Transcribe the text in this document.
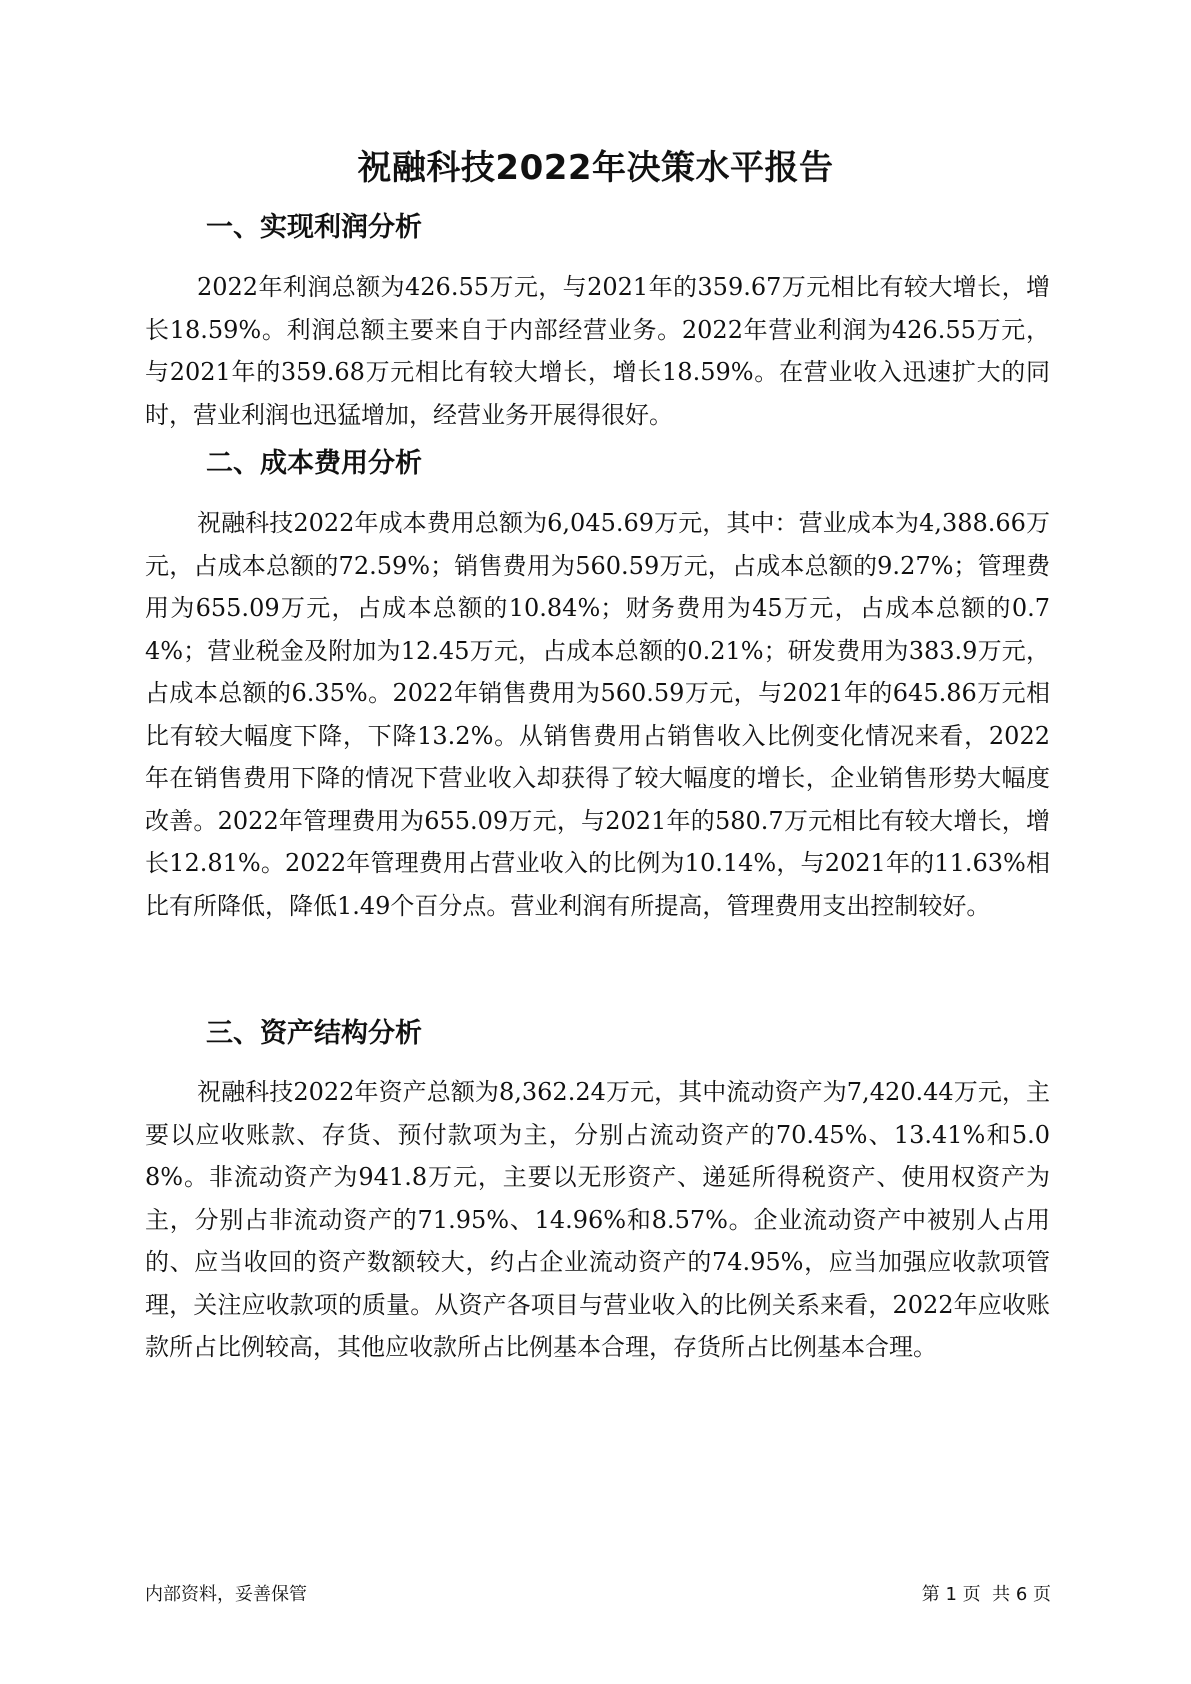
祝融科技2022年决策水平报告
一、实现利润分析

2022年利润总额为426.55万元，与2021年的359.67万元相比有较大增长，增长18.59%。利润总额主要来自于内部经营业务。2022年营业利润为426.55万元，与2021年的359.68万元相比有较大增长，增长18.59%。在营业收入迅速扩大的同时，营业利润也迅猛增加，经营业务开展得很好。

二、成本费用分析

祝融科技2022年成本费用总额为6,045.69万元，其中：营业成本为4,388.66万元，占成本总额的72.59%；销售费用为560.59万元，占成本总额的9.27%；管理费用为655.09万元，占成本总额的10.84%；财务费用为45万元，占成本总额的0.74%；营业税金及附加为12.45万元，占成本总额的0.21%；研发费用为383.9万元，占成本总额的6.35%。2022年销售费用为560.59万元，与2021年的645.86万元相比有较大幅度下降，下降13.2%。从销售费用占销售收入比例变化情况来看，2022年在销售费用下降的情况下营业收入却获得了较大幅度的增长，企业销售形势大幅度改善。2022年管理费用为655.09万元，与2021年的580.7万元相比有较大增长，增长12.81%。2022年管理费用占营业收入的比例为10.14%，与2021年的11.63%相比有所降低，降低1.49个百分点。营业利润有所提高，管理费用支出控制较好。

三、资产结构分析

祝融科技2022年资产总额为8,362.24万元，其中流动资产为7,420.44万元，主要以应收账款、存货、预付款项为主，分别占流动资产的70.45%、13.41%和5.08%。非流动资产为941.8万元，主要以无形资产、递延所得税资产、使用权资产为主，分别占非流动资产的71.95%、14.96%和8.57%。企业流动资产中被别人占用的、应当收回的资产数额较大，约占企业流动资产的74.95%，应当加强应收款项管理，关注应收款项的质量。从资产各项目与营业收入的比例关系来看，2022年应收账款所占比例较高，其他应收款所占比例基本合理，存货所占比例基本合理。

内部资料，妥善保管	第 1 页  共 6 页
